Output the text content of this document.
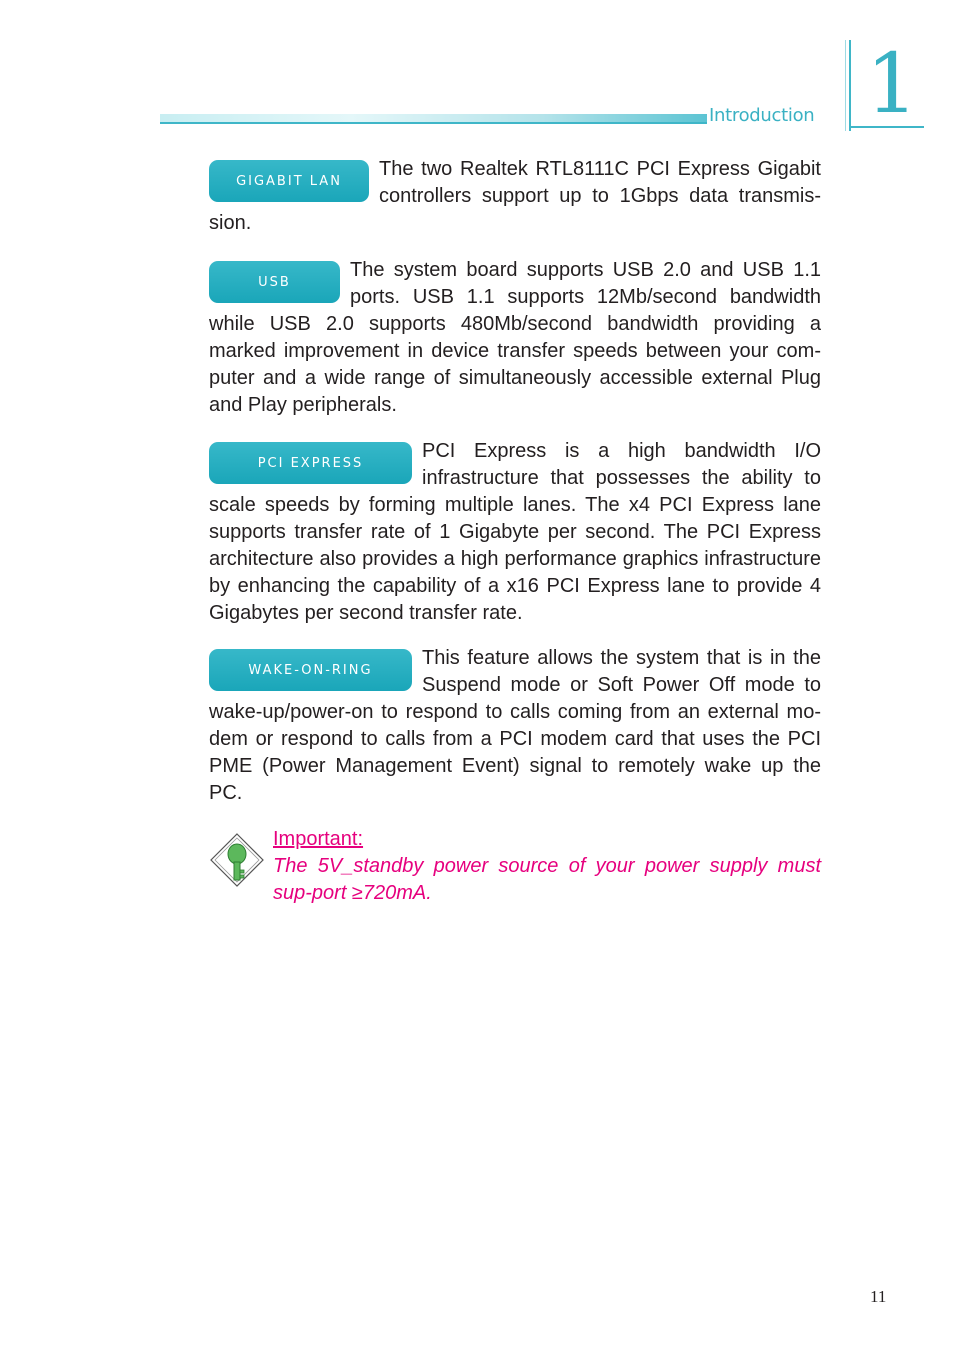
Introduction 1
GIGABIT LAN

The two Realtek RTL8111C PCI Express Gigabit controllers support up to 1Gbps data transmis-sion.

USB

The system board supports USB 2.0 and USB 1.1 ports. USB 1.1 supports 12Mb/second bandwidth while USB 2.0 supports 480Mb/second bandwidth providing a marked improvement in device transfer speeds between your com-puter and a wide range of simultaneously accessible external Plug and Play peripherals.

PCI EXPRESS

PCI Express is a high bandwidth I/O infrastructure that possesses the ability to scale speeds by forming multiple lanes. The x4 PCI Express lane supports transfer rate of 1 Gigabyte per second. The PCI Express architecture also provides a high performance graphics infrastructure by enhancing the capability of a x16 PCI Express lane to provide 4 Gigabytes per second transfer rate.

WAKE-ON-RING

This feature allows the system that is in the Suspend mode or Soft Power Off mode to wake-up/power-on to respond to calls coming from an external mo-dem or respond to calls from a PCI modem card that uses the PCI PME (Power Management Event) signal to remotely wake up the PC.

Important:

The 5V_standby power source of your power supply must sup-port ≥720mA.

11
